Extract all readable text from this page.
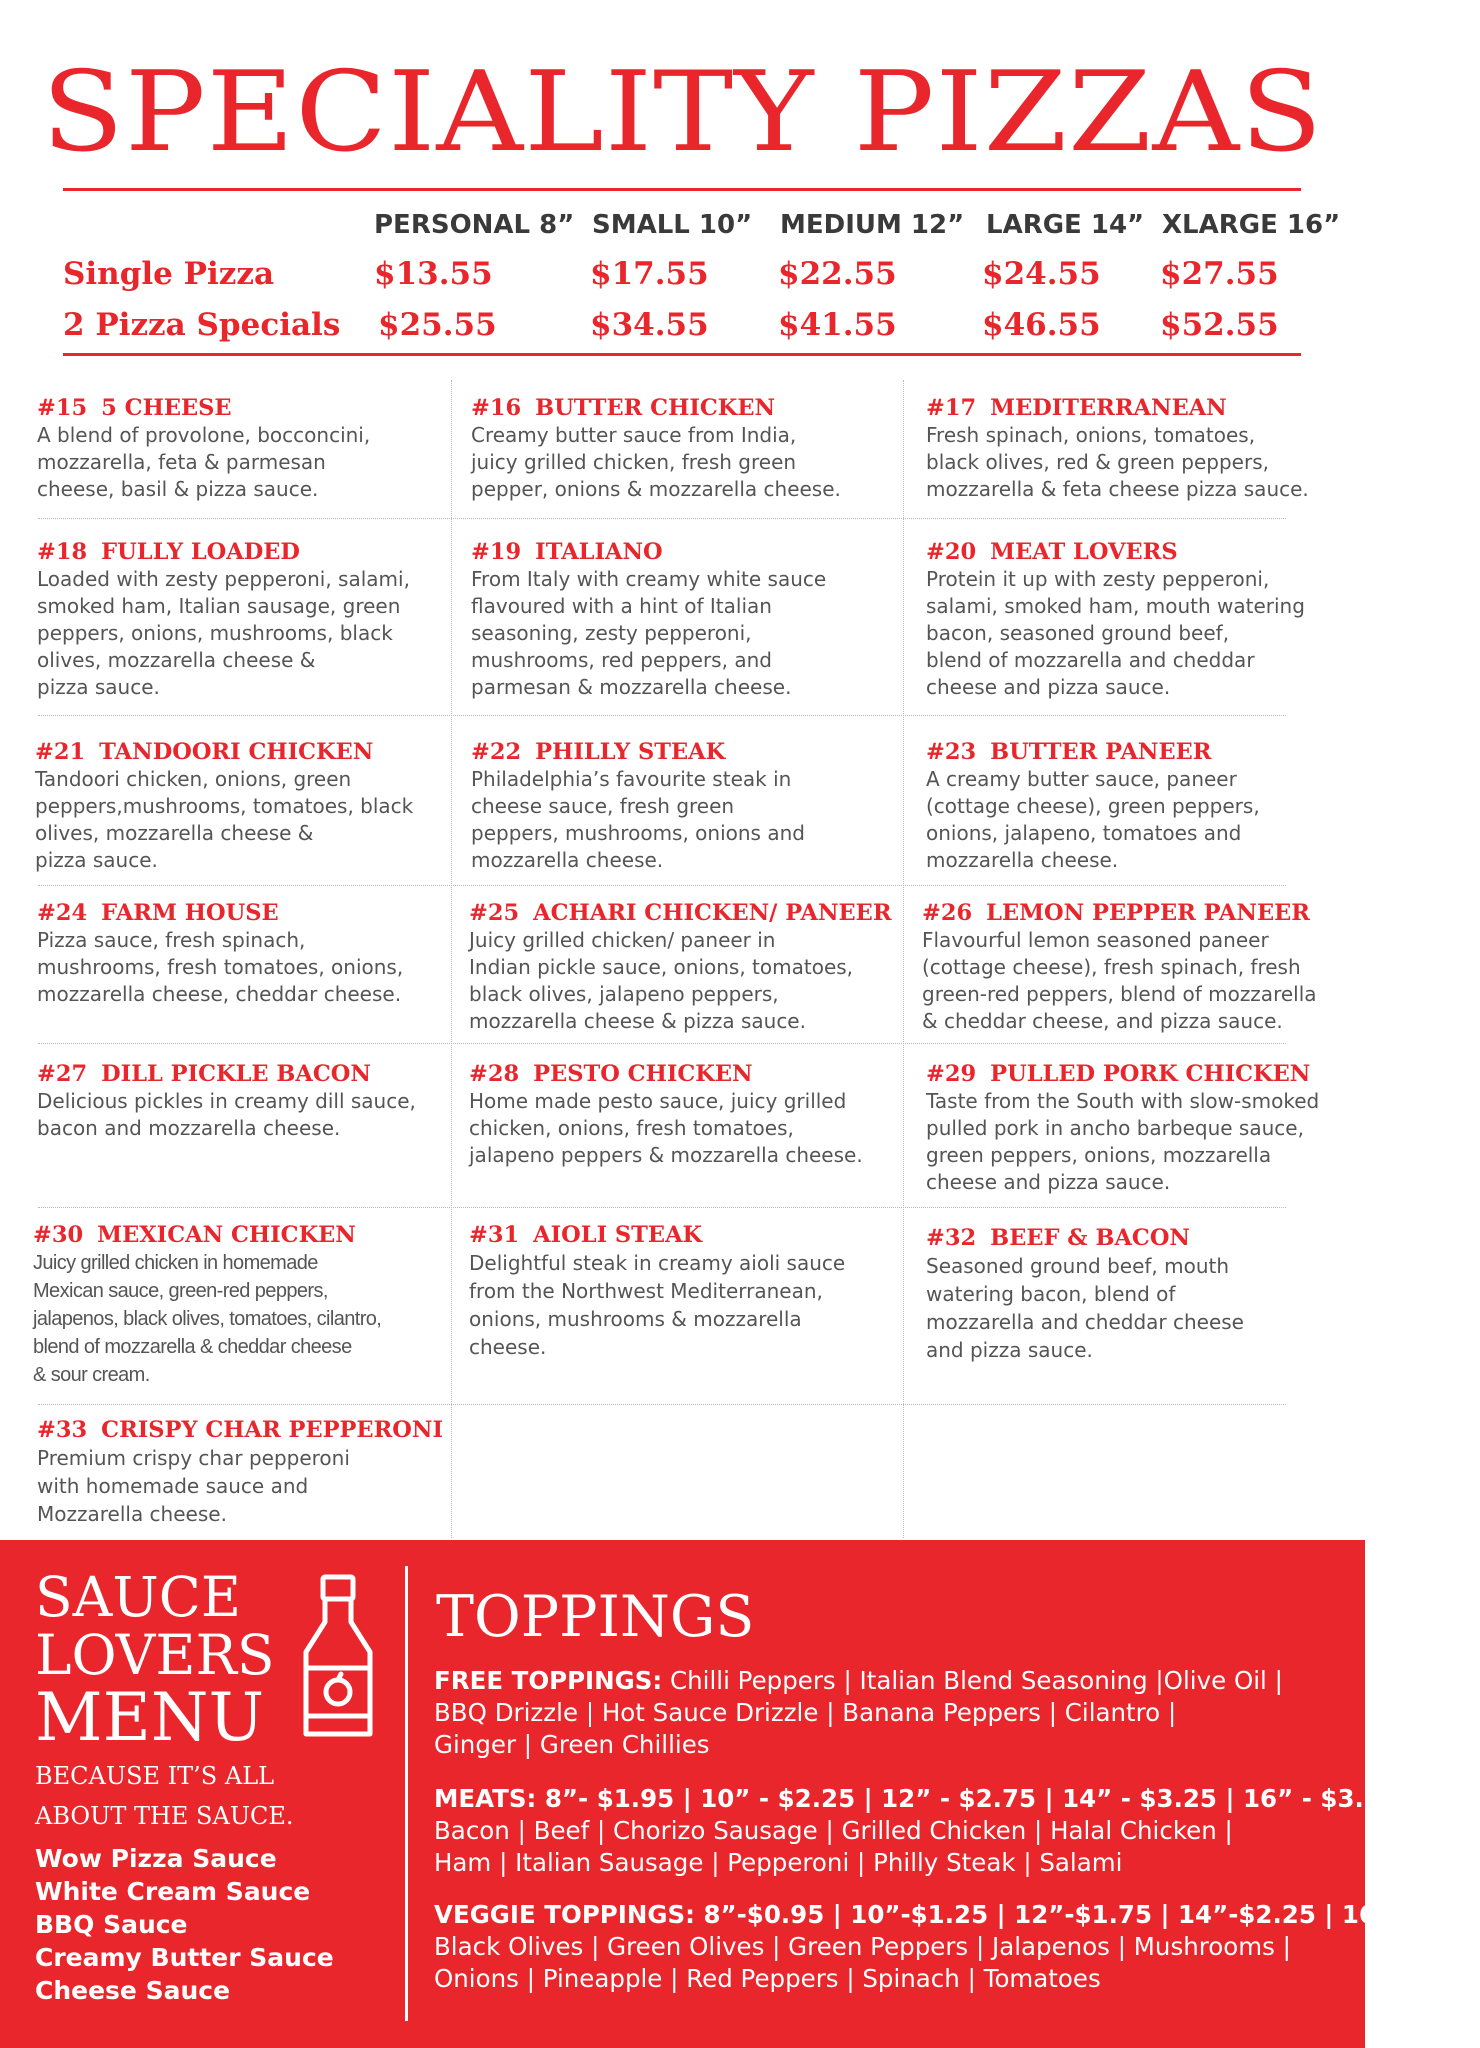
SPECIALITY PIZZAS
PERSONAL 8” SMALL 10” MEDIUM 12” LARGE 14” XLARGE 16”
Single Pizza	$13.55	$17.55 $22.55	$24.55 $27.55
2 Pizza Specials $25.55	$34.55 $41.55	$46.55 $52.55
#15 5 CHEESE
A blend of provolone, bocconcini,
mozzarella, feta & parmesan
cheese, basil & pizza sauce.
#16 BUTTER CHICKEN
Creamy butter sauce from India,
juicy grilled chicken, fresh green
pepper, onions & mozzarella cheese.
#17 MEDITERRANEAN
Fresh spinach, onions, tomatoes,
black olives, red & green peppers,
mozzarella & feta cheese pizza sauce.
#18 FULLY LOADED
Loaded with zesty pepperoni, salami,
smoked ham, Italian sausage, green
peppers, onions, mushrooms, black
olives, mozzarella cheese &
pizza sauce.
#19 ITALIANO
From Italy with creamy white sauce
flavoured with a hint of Italian
seasoning, zesty pepperoni,
mushrooms, red peppers, and
parmesan & mozzarella cheese.
#20 MEAT LOVERS
Protein it up with zesty pepperoni,
salami, smoked ham, mouth watering
bacon, seasoned ground beef,
blend of mozzarella and cheddar
cheese and pizza sauce.
#21 TANDOORI CHICKEN
Tandoori chicken, onions, green
peppers,mushrooms, tomatoes, black
olives, mozzarella cheese &
pizza sauce.
#22 PHILLY STEAK
Philadelphia’s favourite steak in
cheese sauce, fresh green
peppers, mushrooms, onions and
mozzarella cheese.
#23 BUTTER PANEER
A creamy butter sauce, paneer
(cottage cheese), green peppers,
onions, jalapeno, tomatoes and
mozzarella cheese.
#24 FARM HOUSE
Pizza sauce, fresh spinach,
mushrooms, fresh tomatoes, onions,
mozzarella cheese, cheddar cheese.
#25 ACHARI CHICKEN/ PANEER
Juicy grilled chicken/ paneer in
Indian pickle sauce, onions, tomatoes,
black olives, jalapeno peppers,
mozzarella cheese & pizza sauce.
#26 LEMON PEPPER PANEER
Flavourful lemon seasoned paneer
(cottage cheese), fresh spinach, fresh
green-red peppers, blend of mozzarella
& cheddar cheese, and pizza sauce.
#27 DILL PICKLE BACON
Delicious pickles in creamy dill sauce,
bacon and mozzarella cheese.
#28 PESTO CHICKEN
Home made pesto sauce, juicy grilled
chicken, onions, fresh tomatoes,
jalapeno peppers & mozzarella cheese.
#29 PULLED PORK CHICKEN
Taste from the South with slow-smoked
pulled pork in ancho barbeque sauce,
green peppers, onions, mozzarella
cheese and pizza sauce.
#30 MEXICAN CHICKEN
Juicy grilled chicken in homemade
Mexican sauce, green-red peppers,
jalapenos, black olives, tomatoes, cilantro,
blend of mozzarella & cheddar cheese
& sour cream.
#31 AIOLI STEAK
Delightful steak in creamy aioli sauce
from the Northwest Mediterranean,
onions, mushrooms & mozzarella
cheese.
#32 BEEF & BACON
Seasoned ground beef, mouth
watering bacon, blend of
mozzarella and cheddar cheese
and pizza sauce.
#33 CRISPY CHAR PEPPERONI
Premium crispy char pepperoni
with homemade sauce and
Mozzarella cheese.
SAUCE
LOVERS
MENU
BECAUSE IT’S ALL
ABOUT THE SAUCE.
Wow Pizza Sauce
White Cream Sauce
BBQ Sauce
Creamy Butter Sauce
Cheese Sauce
TOPPINGS
FREE TOPPINGS: Chilli Peppers | Italian Blend Seasoning |Olive Oil |
BBQ Drizzle | Hot Sauce Drizzle | Banana Peppers | Cilantro |
Ginger | Green Chillies
MEATS: 8”- $1.95 | 10” - $2.25 | 12” - $2.75 | 14” - $3.25 | 16” - $3.75
Bacon | Beef | Chorizo Sausage | Grilled Chicken | Halal Chicken |
Ham | Italian Sausage | Pepperoni | Philly Steak | Salami
VEGGIE TOPPINGS: 8”-$0.95 | 10”-$1.25 | 12”-$1.75 | 14”-$2.25 | 16”-$2.75
Black Olives | Green Olives | Green Peppers | Jalapenos | Mushrooms |
Onions | Pineapple | Red Peppers | Spinach | Tomatoes
